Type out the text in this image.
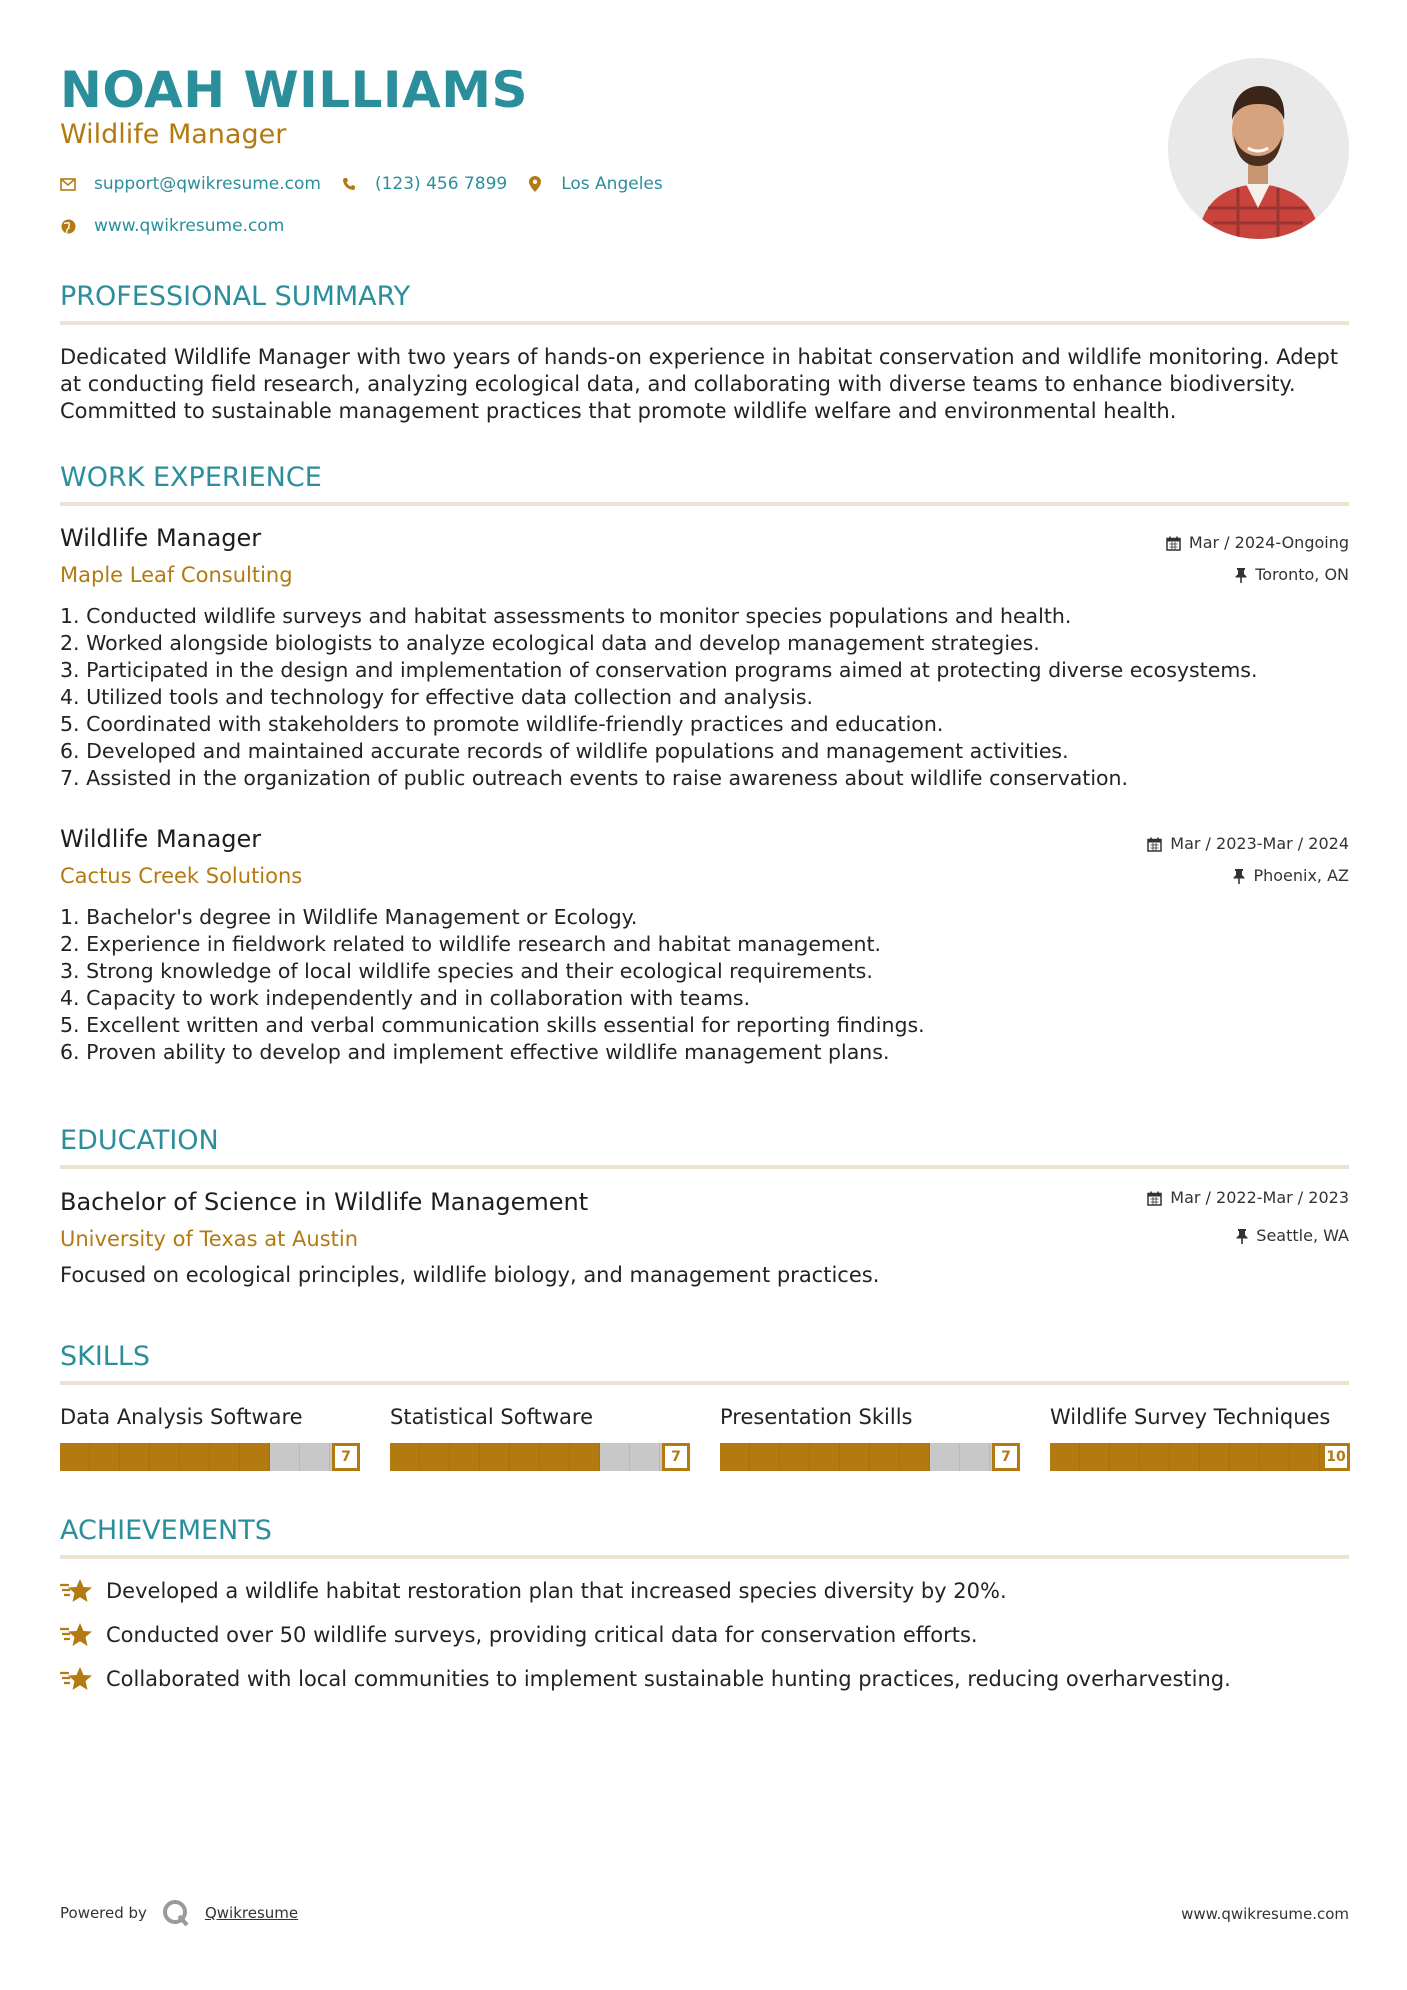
NOAH WILLIAMS
Wildlife Manager
support@qwikresume.com	(123) 456 7899	Los Angeles
www.qwikresume.com
PROFESSIONAL SUMMARY
Dedicated Wildlife Manager with two years of hands-on experience in habitat conservation and wildlife monitoring. Adept at conducting field research, analyzing ecological data, and collaborating with diverse teams to enhance biodiversity. Committed to sustainable management practices that promote wildlife welfare and environmental health.
WORK EXPERIENCE
Wildlife Manager
Maple Leaf Consulting
Mar / 2024-Ongoing
Toronto, ON
Conducted wildlife surveys and habitat assessments to monitor species populations and health.
Worked alongside biologists to analyze ecological data and develop management strategies.
Participated in the design and implementation of conservation programs aimed at protecting diverse ecosystems.
Utilized tools and technology for effective data collection and analysis.
Coordinated with stakeholders to promote wildlife-friendly practices and education.
Developed and maintained accurate records of wildlife populations and management activities.
Assisted in the organization of public outreach events to raise awareness about wildlife conservation.
Wildlife Manager
Cactus Creek Solutions
Mar / 2023-Mar / 2024
Phoenix, AZ
Bachelor's degree in Wildlife Management or Ecology.
Experience in fieldwork related to wildlife research and habitat management.
Strong knowledge of local wildlife species and their ecological requirements.
Capacity to work independently and in collaboration with teams.
Excellent written and verbal communication skills essential for reporting findings.
Proven ability to develop and implement effective wildlife management plans.
EDUCATION
Bachelor of Science in Wildlife Management
University of Texas at Austin
Mar / 2022-Mar / 2023
Seattle, WA
Focused on ecological principles, wildlife biology, and management practices.
SKILLS
Data Analysis Software
7
Statistical Software
7
Presentation Skills
7
Wildlife Survey Techniques
10
ACHIEVEMENTS
Developed a wildlife habitat restoration plan that increased species diversity by 20%.
Conducted over 50 wildlife surveys, providing critical data for conservation efforts.
Collaborated with local communities to implement sustainable hunting practices, reducing overharvesting.
Powered by	Qwikresume	www.qwikresume.com
